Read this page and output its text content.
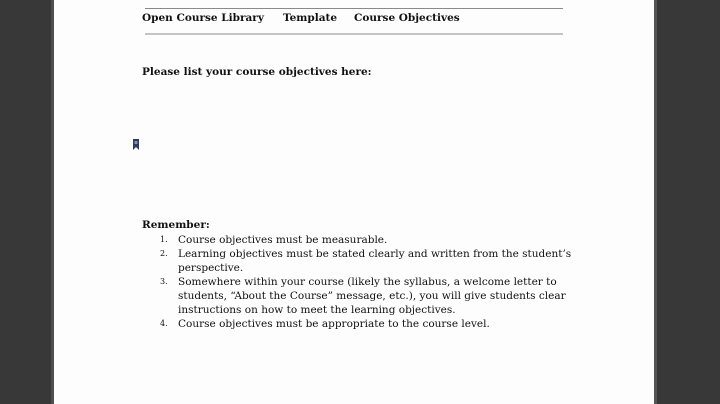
Open Course Library Template Course Objectives
Please list your course objectives here:
Remember:
1. Course objectives must be measurable.
2. Learning objectives must be stated clearly and written from the student’s perspective.
3. Somewhere within your course (likely the syllabus, a welcome letter to students, “About the Course” message, etc.), you will give students clear instructions on how to meet the learning objectives.
4. Course objectives must be appropriate to the course level.
